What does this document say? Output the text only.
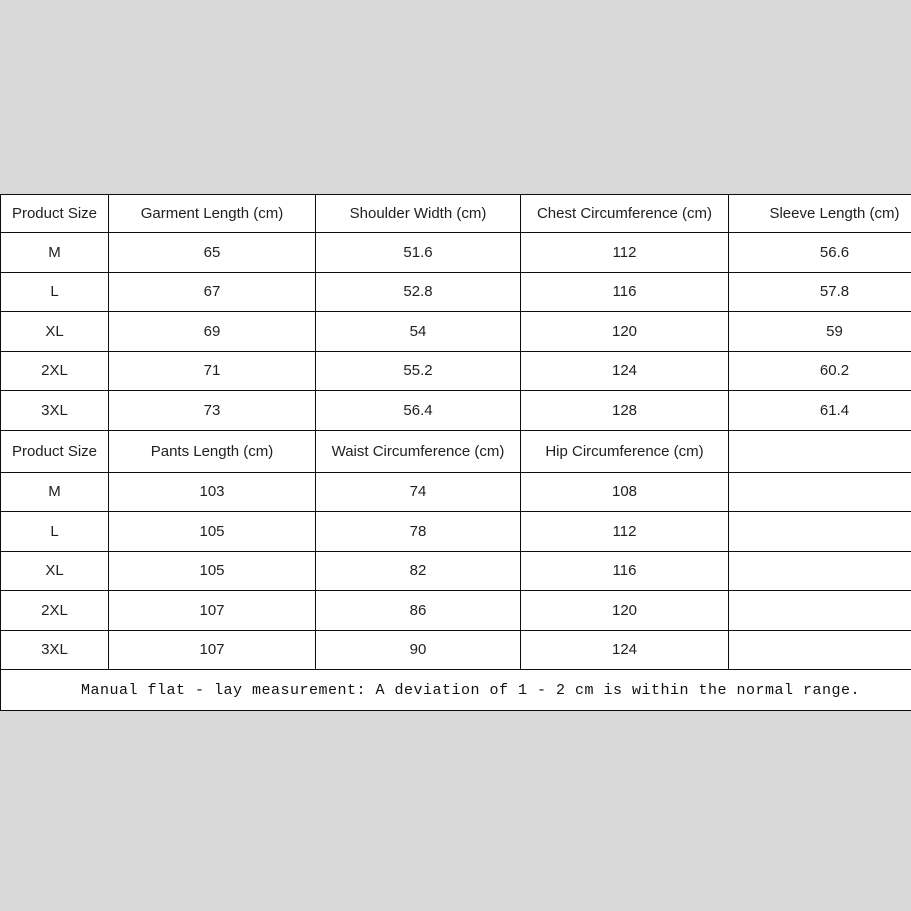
Product Size	Garment Length (cm)	Shoulder Width (cm)	Chest Circumference (cm)	Sleeve Length (cm)
M	65	51.6	112	56.6
L	67	52.8	116	57.8
XL	69	54	120	59
2XL	71	55.2	124	60.2
3XL	73	56.4	128	61.4
Product Size	Pants Length (cm)	Waist Circumference (cm)	Hip Circumference (cm)	
M	103	74	108	
L	105	78	112	
XL	105	82	116	
2XL	107	86	120	
3XL	107	90	124	
Manual flat - lay measurement: A deviation of 1 - 2 cm is within the normal range.				
